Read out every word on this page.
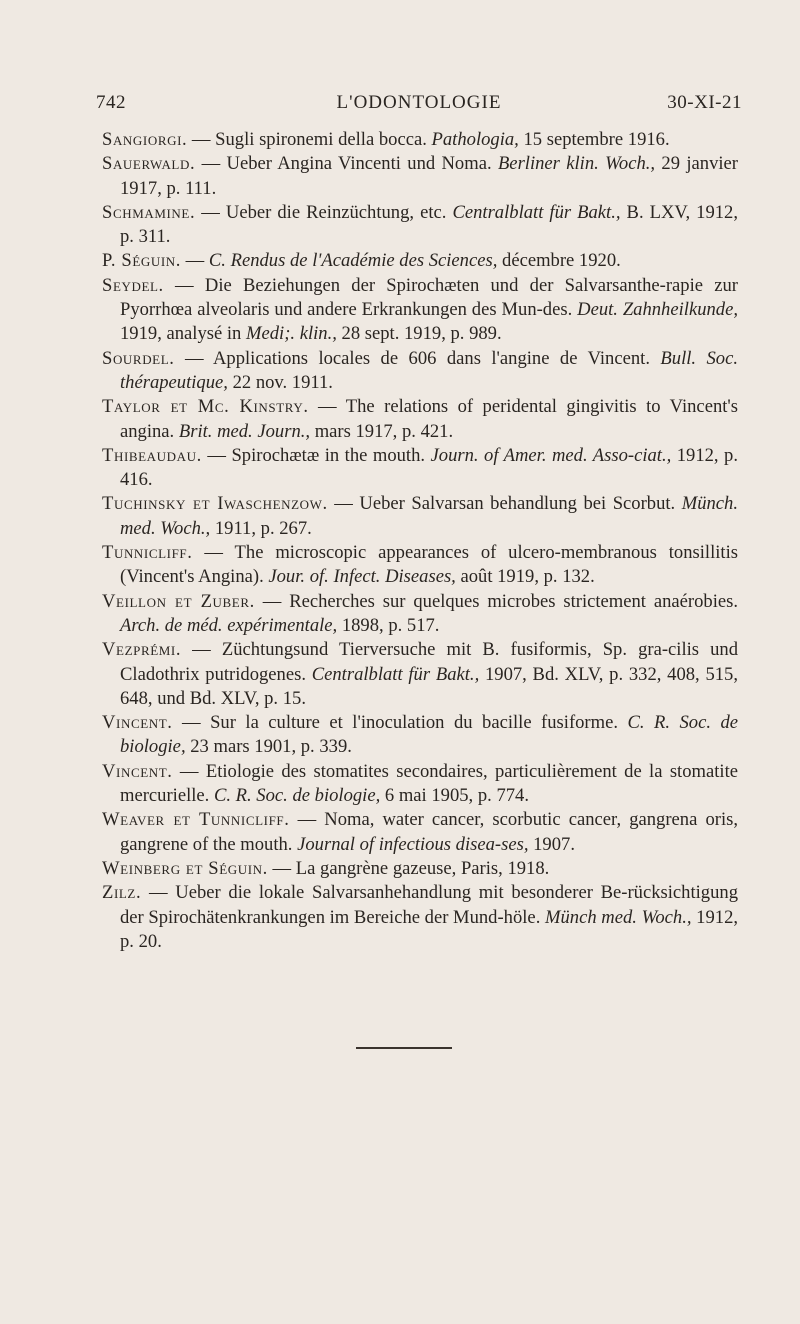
742	L'ODONTOLOGIE	30-XI-21

Sangiorgi. — Sugli spironemi della bocca. Pathologia, 15 septembre 1916.

Sauerwald. — Ueber Angina Vincenti und Noma. Berliner klin. Woch., 29 janvier 1917, p. 111.

Schmamine. — Ueber die Reinzüchtung, etc. Centralblatt für Bakt., B. LXV, 1912, p. 311.

P. Séguin. — C. Rendus de l'Académie des Sciences, décembre 1920.

Seydel. — Die Beziehungen der Spirochæten und der Salvarsanthe-rapie zur Pyorrhœa alveolaris und andere Erkrankungen des Mun-des. Deut. Zahnheilkunde, 1919, analysé in Medi;. klin., 28 sept. 1919, p. 989.

Sourdel. — Applications locales de 606 dans l'angine de Vincent. Bull. Soc. thérapeutique, 22 nov. 1911.

Taylor et Mc. Kinstry. — The relations of peridental gingivitis to Vincent's angina. Brit. med. Journ., mars 1917, p. 421.

Thibeaudau. — Spirochætæ in the mouth. Journ. of Amer. med. Asso-ciat., 1912, p. 416.

Tuchinsky et Iwaschenzow. — Ueber Salvarsan behandlung bei Scorbut. Münch. med. Woch., 1911, p. 267.

Tunnicliff. — The microscopic appearances of ulcero-membranous tonsillitis (Vincent's Angina). Jour. of. Infect. Diseases, août 1919, p. 132.

Veillon et Zuber. — Recherches sur quelques microbes strictement anaérobies. Arch. de méd. expérimentale, 1898, p. 517.

Vezprémi. — Züchtungsund Tierversuche mit B. fusiformis, Sp. gra-cilis und Cladothrix putridogenes. Centralblatt für Bakt., 1907, Bd. XLV, p. 332, 408, 515, 648, und Bd. XLV, p. 15.

Vincent. — Sur la culture et l'inoculation du bacille fusiforme. C. R. Soc. de biologie, 23 mars 1901, p. 339.

Vincent. — Etiologie des stomatites secondaires, particulièrement de la stomatite mercurielle. C. R. Soc. de biologie, 6 mai 1905, p. 774.

Weaver et Tunnicliff. — Noma, water cancer, scorbutic cancer, gangrena oris, gangrene of the mouth. Journal of infectious disea-ses, 1907.

Weinberg et Séguin. — La gangrène gazeuse, Paris, 1918.

Zilz. — Ueber die lokale Salvarsanhehandlung mit besonderer Be-rücksichtigung der Spirochätenkrankungen im Bereiche der Mund-höle. Münch med. Woch., 1912, p. 20.
